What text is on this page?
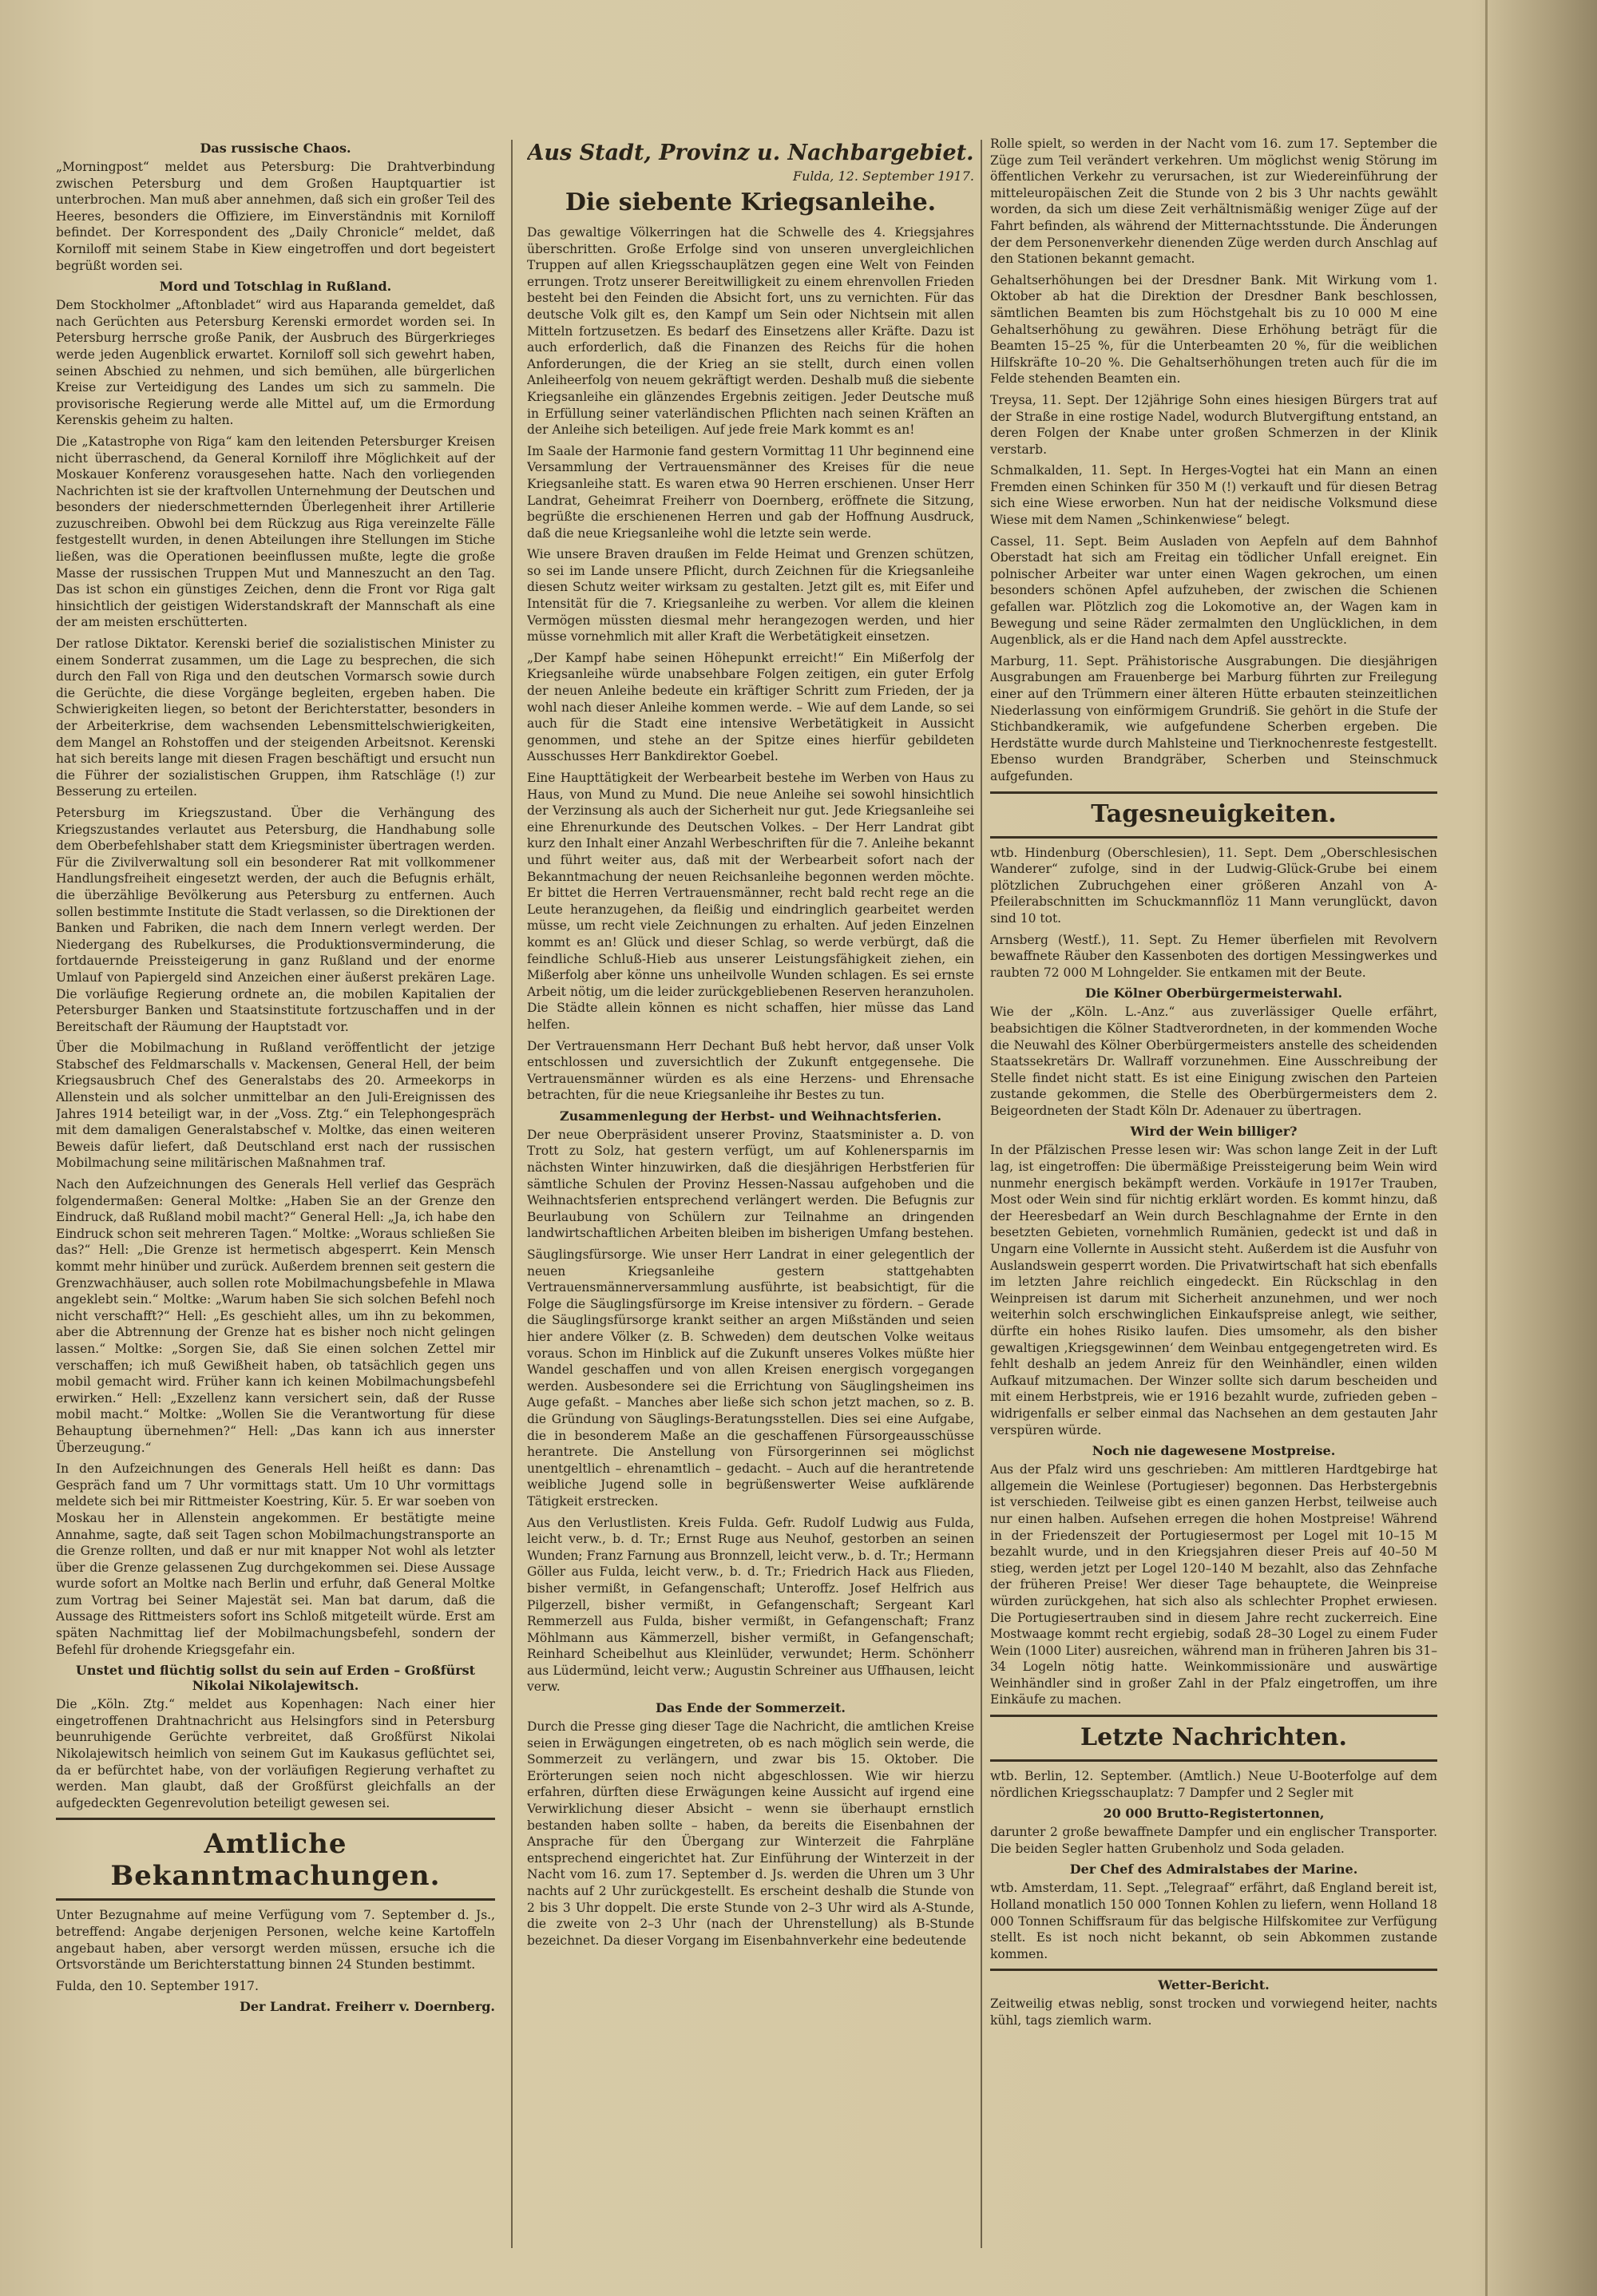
Das russische Chaos.

„Morningpost“ meldet aus Petersburg: Die Drahtverbindung zwischen Petersburg und dem Großen Hauptquartier ist unterbrochen. Man muß aber annehmen, daß sich ein großer Teil des Heeres, besonders die Offiziere, im Einverständnis mit Korniloff befindet. Der Korrespondent des „Daily Chronicle“ meldet, daß Korniloff mit seinem Stabe in Kiew eingetroffen und dort begeistert begrüßt worden sei.

Mord und Totschlag in Rußland.

Dem Stockholmer „Aftonbladet“ wird aus Haparanda gemeldet, daß nach Gerüchten aus Petersburg Kerenski ermordet worden sei. In Petersburg herrsche große Panik, der Ausbruch des Bürgerkrieges werde jeden Augenblick erwartet. Korniloff soll sich gewehrt haben, seinen Abschied zu nehmen, und sich bemühen, alle bürgerlichen Kreise zur Verteidigung des Landes um sich zu sammeln. Die provisorische Regierung werde alle Mittel auf, um die Ermordung Kerenskis geheim zu halten.

Die „Katastrophe von Riga“ kam den leitenden Petersburger Kreisen nicht überraschend, da General Korniloff ihre Möglichkeit auf der Moskauer Konferenz vorausgesehen hatte. Nach den vorliegenden Nachrichten ist sie der kraftvollen Unternehmung der Deutschen und besonders der niederschmetternden Überlegenheit ihrer Artillerie zuzuschreiben. Obwohl bei dem Rückzug aus Riga vereinzelte Fälle festgestellt wurden, in denen Abteilungen ihre Stellungen im Stiche ließen, was die Operationen beeinflussen mußte, legte die große Masse der russischen Truppen Mut und Manneszucht an den Tag. Das ist schon ein günstiges Zeichen, denn die Front vor Riga galt hinsichtlich der geistigen Widerstandskraft der Mannschaft als eine der am meisten erschütterten.

Der ratlose Diktator. Kerenski berief die sozialistischen Minister zu einem Sonderrat zusammen, um die Lage zu besprechen, die sich durch den Fall von Riga und den deutschen Vormarsch sowie durch die Gerüchte, die diese Vorgänge begleiten, ergeben haben. Die Schwierigkeiten liegen, so betont der Berichterstatter, besonders in der Arbeiterkrise, dem wachsenden Lebensmittelschwierigkeiten, dem Mangel an Rohstoffen und der steigenden Arbeitsnot. Kerenski hat sich bereits lange mit diesen Fragen beschäftigt und ersucht nun die Führer der sozialistischen Gruppen, ihm Ratschläge (!) zur Besserung zu erteilen.

Petersburg im Kriegszustand. Über die Verhängung des Kriegszustandes verlautet aus Petersburg, die Handhabung solle dem Oberbefehlshaber statt dem Kriegsminister übertragen werden. Für die Zivilverwaltung soll ein besonderer Rat mit vollkommener Handlungsfreiheit eingesetzt werden, der auch die Befugnis erhält, die überzählige Bevölkerung aus Petersburg zu entfernen. Auch sollen bestimmte Institute die Stadt verlassen, so die Direktionen der Banken und Fabriken, die nach dem Innern verlegt werden. Der Niedergang des Rubelkurses, die Produktionsverminderung, die fortdauernde Preissteigerung in ganz Rußland und der enorme Umlauf von Papiergeld sind Anzeichen einer äußerst prekären Lage. Die vorläufige Regierung ordnete an, die mobilen Kapitalien der Petersburger Banken und Staatsinstitute fortzuschaffen und in der Bereitschaft der Räumung der Hauptstadt vor.

Über die Mobilmachung in Rußland veröffentlicht der jetzige Stabschef des Feldmarschalls v. Mackensen, General Hell, der beim Kriegsausbruch Chef des Generalstabs des 20. Armeekorps in Allenstein und als solcher unmittelbar an den Juli-Ereignissen des Jahres 1914 beteiligt war, in der „Voss. Ztg.“ ein Telephongespräch mit dem damaligen Generalstabschef v. Moltke, das einen weiteren Beweis dafür liefert, daß Deutschland erst nach der russischen Mobilmachung seine militärischen Maßnahmen traf.

Nach den Aufzeichnungen des Generals Hell verlief das Gespräch folgendermaßen: General Moltke: „Haben Sie an der Grenze den Eindruck, daß Rußland mobil macht?“ General Hell: „Ja, ich habe den Eindruck schon seit mehreren Tagen.“ Moltke: „Woraus schließen Sie das?“ Hell: „Die Grenze ist hermetisch abgesperrt. Kein Mensch kommt mehr hinüber und zurück. Außerdem brennen seit gestern die Grenzwachhäuser, auch sollen rote Mobilmachungsbefehle in Mlawa angeklebt sein.“ Moltke: „Warum haben Sie sich solchen Befehl noch nicht verschafft?“ Hell: „Es geschieht alles, um ihn zu bekommen, aber die Abtrennung der Grenze hat es bisher noch nicht gelingen lassen.“ Moltke: „Sorgen Sie, daß Sie einen solchen Zettel mir verschaffen; ich muß Gewißheit haben, ob tatsächlich gegen uns mobil gemacht wird. Früher kann ich keinen Mobilmachungsbefehl erwirken.“ Hell: „Exzellenz kann versichert sein, daß der Russe mobil macht.“ Moltke: „Wollen Sie die Verantwortung für diese Behauptung übernehmen?“ Hell: „Das kann ich aus innerster Überzeugung.“

In den Aufzeichnungen des Generals Hell heißt es dann: Das Gespräch fand um 7 Uhr vormittags statt. Um 10 Uhr vormittags meldete sich bei mir Rittmeister Koestring, Kür. 5. Er war soeben von Moskau her in Allenstein angekommen. Er bestätigte meine Annahme, sagte, daß seit Tagen schon Mobilmachungstransporte an die Grenze rollten, und daß er nur mit knapper Not wohl als letzter über die Grenze gelassenen Zug durchgekommen sei. Diese Aussage wurde sofort an Moltke nach Berlin und erfuhr, daß General Moltke zum Vortrag bei Seiner Majestät sei. Man bat darum, daß die Aussage des Rittmeisters sofort ins Schloß mitgeteilt würde. Erst am späten Nachmittag lief der Mobilmachungsbefehl, sondern der Befehl für drohende Kriegsgefahr ein.

Unstet und flüchtig sollst du sein auf Erden – Großfürst Nikolai Nikolajewitsch.

Die „Köln. Ztg.“ meldet aus Kopenhagen: Nach einer hier eingetroffenen Drahtnachricht aus Helsingfors sind in Petersburg beunruhigende Gerüchte verbreitet, daß Großfürst Nikolai Nikolajewitsch heimlich von seinem Gut im Kaukasus geflüchtet sei, da er befürchtet habe, von der vorläufigen Regierung verhaftet zu werden. Man glaubt, daß der Großfürst gleichfalls an der aufgedeckten Gegenrevolution beteiligt gewesen sei.

Amtliche Bekanntmachungen.

Unter Bezugnahme auf meine Verfügung vom 7. September d. Js., betreffend: Angabe derjenigen Personen, welche keine Kartoffeln angebaut haben, aber versorgt werden müssen, ersuche ich die Ortsvorstände um Berichterstattung binnen 24 Stunden bestimmt.

Fulda, den 10. September 1917.

Der Landrat. Freiherr v. Doernberg.
Aus Stadt, Provinz u. Nachbargebiet.
Fulda, 12. September 1917.
Die siebente Kriegsanleihe.

Das gewaltige Völkerringen hat die Schwelle des 4. Kriegsjahres überschritten. Große Erfolge sind von unseren unvergleichlichen Truppen auf allen Kriegsschauplätzen gegen eine Welt von Feinden errungen. Trotz unserer Bereitwilligkeit zu einem ehrenvollen Frieden besteht bei den Feinden die Absicht fort, uns zu vernichten. Für das deutsche Volk gilt es, den Kampf um Sein oder Nichtsein mit allen Mitteln fortzusetzen. Es bedarf des Einsetzens aller Kräfte. Dazu ist auch erforderlich, daß die Finanzen des Reichs für die hohen Anforderungen, die der Krieg an sie stellt, durch einen vollen Anleiheerfolg von neuem gekräftigt werden. Deshalb muß die siebente Kriegsanleihe ein glänzendes Ergebnis zeitigen. Jeder Deutsche muß in Erfüllung seiner vaterländischen Pflichten nach seinen Kräften an der Anleihe sich beteiligen. Auf jede freie Mark kommt es an!

Im Saale der Harmonie fand gestern Vormittag 11 Uhr beginnend eine Versammlung der Vertrauensmänner des Kreises für die neue Kriegsanleihe statt. Es waren etwa 90 Herren erschienen. Unser Herr Landrat, Geheimrat Freiherr von Doernberg, eröffnete die Sitzung, begrüßte die erschienenen Herren und gab der Hoffnung Ausdruck, daß die neue Kriegsanleihe wohl die letzte sein werde.

Wie unsere Braven draußen im Felde Heimat und Grenzen schützen, so sei im Lande unsere Pflicht, durch Zeichnen für die Kriegsanleihe diesen Schutz weiter wirksam zu gestalten. Jetzt gilt es, mit Eifer und Intensität für die 7. Kriegsanleihe zu werben. Vor allem die kleinen Vermögen müssten diesmal mehr herangezogen werden, und hier müsse vornehmlich mit aller Kraft die Werbetätigkeit einsetzen.

„Der Kampf habe seinen Höhepunkt erreicht!“ Ein Mißerfolg der Kriegsanleihe würde unabsehbare Folgen zeitigen, ein guter Erfolg der neuen Anleihe bedeute ein kräftiger Schritt zum Frieden, der ja wohl nach dieser Anleihe kommen werde. – Wie auf dem Lande, so sei auch für die Stadt eine intensive Werbetätigkeit in Aussicht genommen, und stehe an der Spitze eines hierfür gebildeten Ausschusses Herr Bankdirektor Goebel.

Eine Haupttätigkeit der Werbearbeit bestehe im Werben von Haus zu Haus, von Mund zu Mund. Die neue Anleihe sei sowohl hinsichtlich der Verzinsung als auch der Sicherheit nur gut. Jede Kriegsanleihe sei eine Ehrenurkunde des Deutschen Volkes. – Der Herr Landrat gibt kurz den Inhalt einer Anzahl Werbeschriften für die 7. Anleihe bekannt und führt weiter aus, daß mit der Werbearbeit sofort nach der Bekanntmachung der neuen Reichsanleihe begonnen werden möchte. Er bittet die Herren Vertrauensmänner, recht bald recht rege an die Leute heranzugehen, da fleißig und eindringlich gearbeitet werden müsse, um recht viele Zeichnungen zu erhalten. Auf jeden Einzelnen kommt es an! Glück und dieser Schlag, so werde verbürgt, daß die feindliche Schluß-Hieb aus unserer Leistungsfähigkeit ziehen, ein Mißerfolg aber könne uns unheilvolle Wunden schlagen. Es sei ernste Arbeit nötig, um die leider zurückgebliebenen Reserven heranzuholen. Die Städte allein können es nicht schaffen, hier müsse das Land helfen.

Der Vertrauensmann Herr Dechant Buß hebt hervor, daß unser Volk entschlossen und zuversichtlich der Zukunft entgegensehe. Die Vertrauensmänner würden es als eine Herzens- und Ehrensache betrachten, für die neue Kriegsanleihe ihr Bestes zu tun.

Zusammenlegung der Herbst- und Weihnachtsferien.

Der neue Oberpräsident unserer Provinz, Staatsminister a. D. von Trott zu Solz, hat gestern verfügt, um auf Kohlenersparnis im nächsten Winter hinzuwirken, daß die diesjährigen Herbstferien für sämtliche Schulen der Provinz Hessen-Nassau aufgehoben und die Weihnachtsferien entsprechend verlängert werden. Die Befugnis zur Beurlaubung von Schülern zur Teilnahme an dringenden landwirtschaftlichen Arbeiten bleiben im bisherigen Umfang bestehen.

Säuglingsfürsorge. Wie unser Herr Landrat in einer gelegentlich der neuen Kriegsanleihe gestern stattgehabten Vertrauensmännerversammlung ausführte, ist beabsichtigt, für die Folge die Säuglingsfürsorge im Kreise intensiver zu fördern. – Gerade die Säuglingsfürsorge krankt seither an argen Mißständen und seien hier andere Völker (z. B. Schweden) dem deutschen Volke weitaus voraus. Schon im Hinblick auf die Zukunft unseres Volkes müßte hier Wandel geschaffen und von allen Kreisen energisch vorgegangen werden. Ausbesondere sei die Errichtung von Säuglingsheimen ins Auge gefaßt. – Manches aber ließe sich schon jetzt machen, so z. B. die Gründung von Säuglings-Beratungsstellen. Dies sei eine Aufgabe, die in besonderem Maße an die geschaffenen Fürsorgeausschüsse herantrete. Die Anstellung von Fürsorgerinnen sei möglichst unentgeltlich – ehrenamtlich – gedacht. – Auch auf die herantretende weibliche Jugend solle in begrüßenswerter Weise aufklärende Tätigkeit erstrecken.

Aus den Verlustlisten. Kreis Fulda. Gefr. Rudolf Ludwig aus Fulda, leicht verw., b. d. Tr.; Ernst Ruge aus Neuhof, gestorben an seinen Wunden; Franz Farnung aus Bronnzell, leicht verw., b. d. Tr.; Hermann Göller aus Fulda, leicht verw., b. d. Tr.; Friedrich Hack aus Flieden, bisher vermißt, in Gefangenschaft; Unteroffz. Josef Helfrich aus Pilgerzell, bisher vermißt, in Gefangenschaft; Sergeant Karl Remmerzell aus Fulda, bisher vermißt, in Gefangenschaft; Franz Möhlmann aus Kämmerzell, bisher vermißt, in Gefangenschaft; Reinhard Scheibelhut aus Kleinlüder, verwundet; Herm. Schönherr aus Lüdermünd, leicht verw.; Augustin Schreiner aus Uffhausen, leicht verw.

Das Ende der Sommerzeit.

Durch die Presse ging dieser Tage die Nachricht, die amtlichen Kreise seien in Erwägungen eingetreten, ob es nach möglich sein werde, die Sommerzeit zu verlängern, und zwar bis 15. Oktober. Die Erörterungen seien noch nicht abgeschlossen. Wie wir hierzu erfahren, dürften diese Erwägungen keine Aussicht auf irgend eine Verwirklichung dieser Absicht – wenn sie überhaupt ernstlich bestanden haben sollte – haben, da bereits die Eisenbahnen der Ansprache für den Übergang zur Winterzeit die Fahrpläne entsprechend eingerichtet hat. Zur Einführung der Winterzeit in der Nacht vom 16. zum 17. September d. Js. werden die Uhren um 3 Uhr nachts auf 2 Uhr zurückgestellt. Es erscheint deshalb die Stunde von 2 bis 3 Uhr doppelt. Die erste Stunde von 2–3 Uhr wird als A-Stunde, die zweite von 2–3 Uhr (nach der Uhrenstellung) als B-Stunde bezeichnet. Da dieser Vorgang im Eisenbahnverkehr eine bedeutende

Rolle spielt, so werden in der Nacht vom 16. zum 17. September die Züge zum Teil verändert verkehren. Um möglichst wenig Störung im öffentlichen Verkehr zu verursachen, ist zur Wiedereinführung der mitteleuropäischen Zeit die Stunde von 2 bis 3 Uhr nachts gewählt worden, da sich um diese Zeit verhältnismäßig weniger Züge auf der Fahrt befinden, als während der Mitternachtsstunde. Die Änderungen der dem Personenverkehr dienenden Züge werden durch Anschlag auf den Stationen bekannt gemacht.

Gehaltserhöhungen bei der Dresdner Bank. Mit Wirkung vom 1. Oktober ab hat die Direktion der Dresdner Bank beschlossen, sämtlichen Beamten bis zum Höchstgehalt bis zu 10 000 M eine Gehaltserhöhung zu gewähren. Diese Erhöhung beträgt für die Beamten 15–25 %, für die Unterbeamten 20 %, für die weiblichen Hilfskräfte 10–20 %. Die Gehaltserhöhungen treten auch für die im Felde stehenden Beamten ein.

Treysa, 11. Sept. Der 12jährige Sohn eines hiesigen Bürgers trat auf der Straße in eine rostige Nadel, wodurch Blutvergiftung entstand, an deren Folgen der Knabe unter großen Schmerzen in der Klinik verstarb.

Schmalkalden, 11. Sept. In Herges-Vogtei hat ein Mann an einen Fremden einen Schinken für 350 M (!) verkauft und für diesen Betrag sich eine Wiese erworben. Nun hat der neidische Volksmund diese Wiese mit dem Namen „Schinkenwiese“ belegt.

Cassel, 11. Sept. Beim Ausladen von Aepfeln auf dem Bahnhof Oberstadt hat sich am Freitag ein tödlicher Unfall ereignet. Ein polnischer Arbeiter war unter einen Wagen gekrochen, um einen besonders schönen Apfel aufzuheben, der zwischen die Schienen gefallen war. Plötzlich zog die Lokomotive an, der Wagen kam in Bewegung und seine Räder zermalmten den Unglücklichen, in dem Augenblick, als er die Hand nach dem Apfel ausstreckte.

Marburg, 11. Sept. Prähistorische Ausgrabungen. Die diesjährigen Ausgrabungen am Frauenberge bei Marburg führten zur Freilegung einer auf den Trümmern einer älteren Hütte erbauten steinzeitlichen Niederlassung von einförmigem Grundriß. Sie gehört in die Stufe der Stichbandkeramik, wie aufgefundene Scherben ergeben. Die Herdstätte wurde durch Mahlsteine und Tierknochenreste festgestellt. Ebenso wurden Brandgräber, Scherben und Steinschmuck aufgefunden.

Tagesneuigkeiten.

wtb. Hindenburg (Oberschlesien), 11. Sept. Dem „Oberschlesischen Wanderer“ zufolge, sind in der Ludwig-Glück-Grube bei einem plötzlichen Zubruchgehen einer größeren Anzahl von A-Pfeilerabschnitten im Schuckmannflöz 11 Mann verunglückt, davon sind 10 tot.

Arnsberg (Westf.), 11. Sept. Zu Hemer überfielen mit Revolvern bewaffnete Räuber den Kassenboten des dortigen Messingwerkes und raubten 72 000 M Lohngelder. Sie entkamen mit der Beute.

Die Kölner Oberbürgermeisterwahl.

Wie der „Köln. L.-Anz.“ aus zuverlässiger Quelle erfährt, beabsichtigen die Kölner Stadtverordneten, in der kommenden Woche die Neuwahl des Kölner Oberbürgermeisters anstelle des scheidenden Staatssekretärs Dr. Wallraff vorzunehmen. Eine Ausschreibung der Stelle findet nicht statt. Es ist eine Einigung zwischen den Parteien zustande gekommen, die Stelle des Oberbürgermeisters dem 2. Beigeordneten der Stadt Köln Dr. Adenauer zu übertragen.

Wird der Wein billiger?

In der Pfälzischen Presse lesen wir: Was schon lange Zeit in der Luft lag, ist eingetroffen: Die übermäßige Preissteigerung beim Wein wird nunmehr energisch bekämpft werden. Vorkäufe in 1917er Trauben, Most oder Wein sind für nichtig erklärt worden. Es kommt hinzu, daß der Heeresbedarf an Wein durch Beschlagnahme der Ernte in den besetzten Gebieten, vornehmlich Rumänien, gedeckt ist und daß in Ungarn eine Vollernte in Aussicht steht. Außerdem ist die Ausfuhr von Auslandswein gesperrt worden. Die Privatwirtschaft hat sich ebenfalls im letzten Jahre reichlich eingedeckt. Ein Rückschlag in den Weinpreisen ist darum mit Sicherheit anzunehmen, und wer noch weiterhin solch erschwinglichen Einkaufspreise anlegt, wie seither, dürfte ein hohes Risiko laufen. Dies umsomehr, als den bisher gewaltigen ‚Kriegsgewinnen‘ dem Weinbau entgegengetreten wird. Es fehlt deshalb an jedem Anreiz für den Weinhändler, einen wilden Aufkauf mitzumachen. Der Winzer sollte sich darum bescheiden und mit einem Herbstpreis, wie er 1916 bezahlt wurde, zufrieden geben – widrigenfalls er selber einmal das Nachsehen an dem gestauten Jahr verspüren würde.

Noch nie dagewesene Mostpreise.

Aus der Pfalz wird uns geschrieben: Am mittleren Hardtgebirge hat allgemein die Weinlese (Portugieser) begonnen. Das Herbstergebnis ist verschieden. Teilweise gibt es einen ganzen Herbst, teilweise auch nur einen halben. Aufsehen erregen die hohen Mostpreise! Während in der Friedenszeit der Portugiesermost per Logel mit 10–15 M bezahlt wurde, und in den Kriegsjahren dieser Preis auf 40–50 M stieg, werden jetzt per Logel 120–140 M bezahlt, also das Zehnfache der früheren Preise! Wer dieser Tage behauptete, die Weinpreise würden zurückgehen, hat sich also als schlechter Prophet erwiesen. Die Portugiesertrauben sind in diesem Jahre recht zuckerreich. Eine Mostwaage kommt recht ergiebig, sodaß 28–30 Logel zu einem Fuder Wein (1000 Liter) ausreichen, während man in früheren Jahren bis 31–34 Logeln nötig hatte. Weinkommissionäre und auswärtige Weinhändler sind in großer Zahl in der Pfalz eingetroffen, um ihre Einkäufe zu machen.

Letzte Nachrichten.

wtb. Berlin, 12. September. (Amtlich.) Neue U-Booterfolge auf dem nördlichen Kriegsschauplatz: 7 Dampfer und 2 Segler mit

20 000 Brutto-Registertonnen,

darunter 2 große bewaffnete Dampfer und ein englischer Transporter. Die beiden Segler hatten Grubenholz und Soda geladen.

Der Chef des Admiralstabes der Marine.

wtb. Amsterdam, 11. Sept. „Telegraaf“ erfährt, daß England bereit ist, Holland monatlich 150 000 Tonnen Kohlen zu liefern, wenn Holland 18 000 Tonnen Schiffsraum für das belgische Hilfskomitee zur Verfügung stellt. Es ist noch nicht bekannt, ob sein Abkommen zustande kommen.

Wetter-Bericht.

Zeitweilig etwas neblig, sonst trocken und vorwiegend heiter, nachts kühl, tags ziemlich warm.
